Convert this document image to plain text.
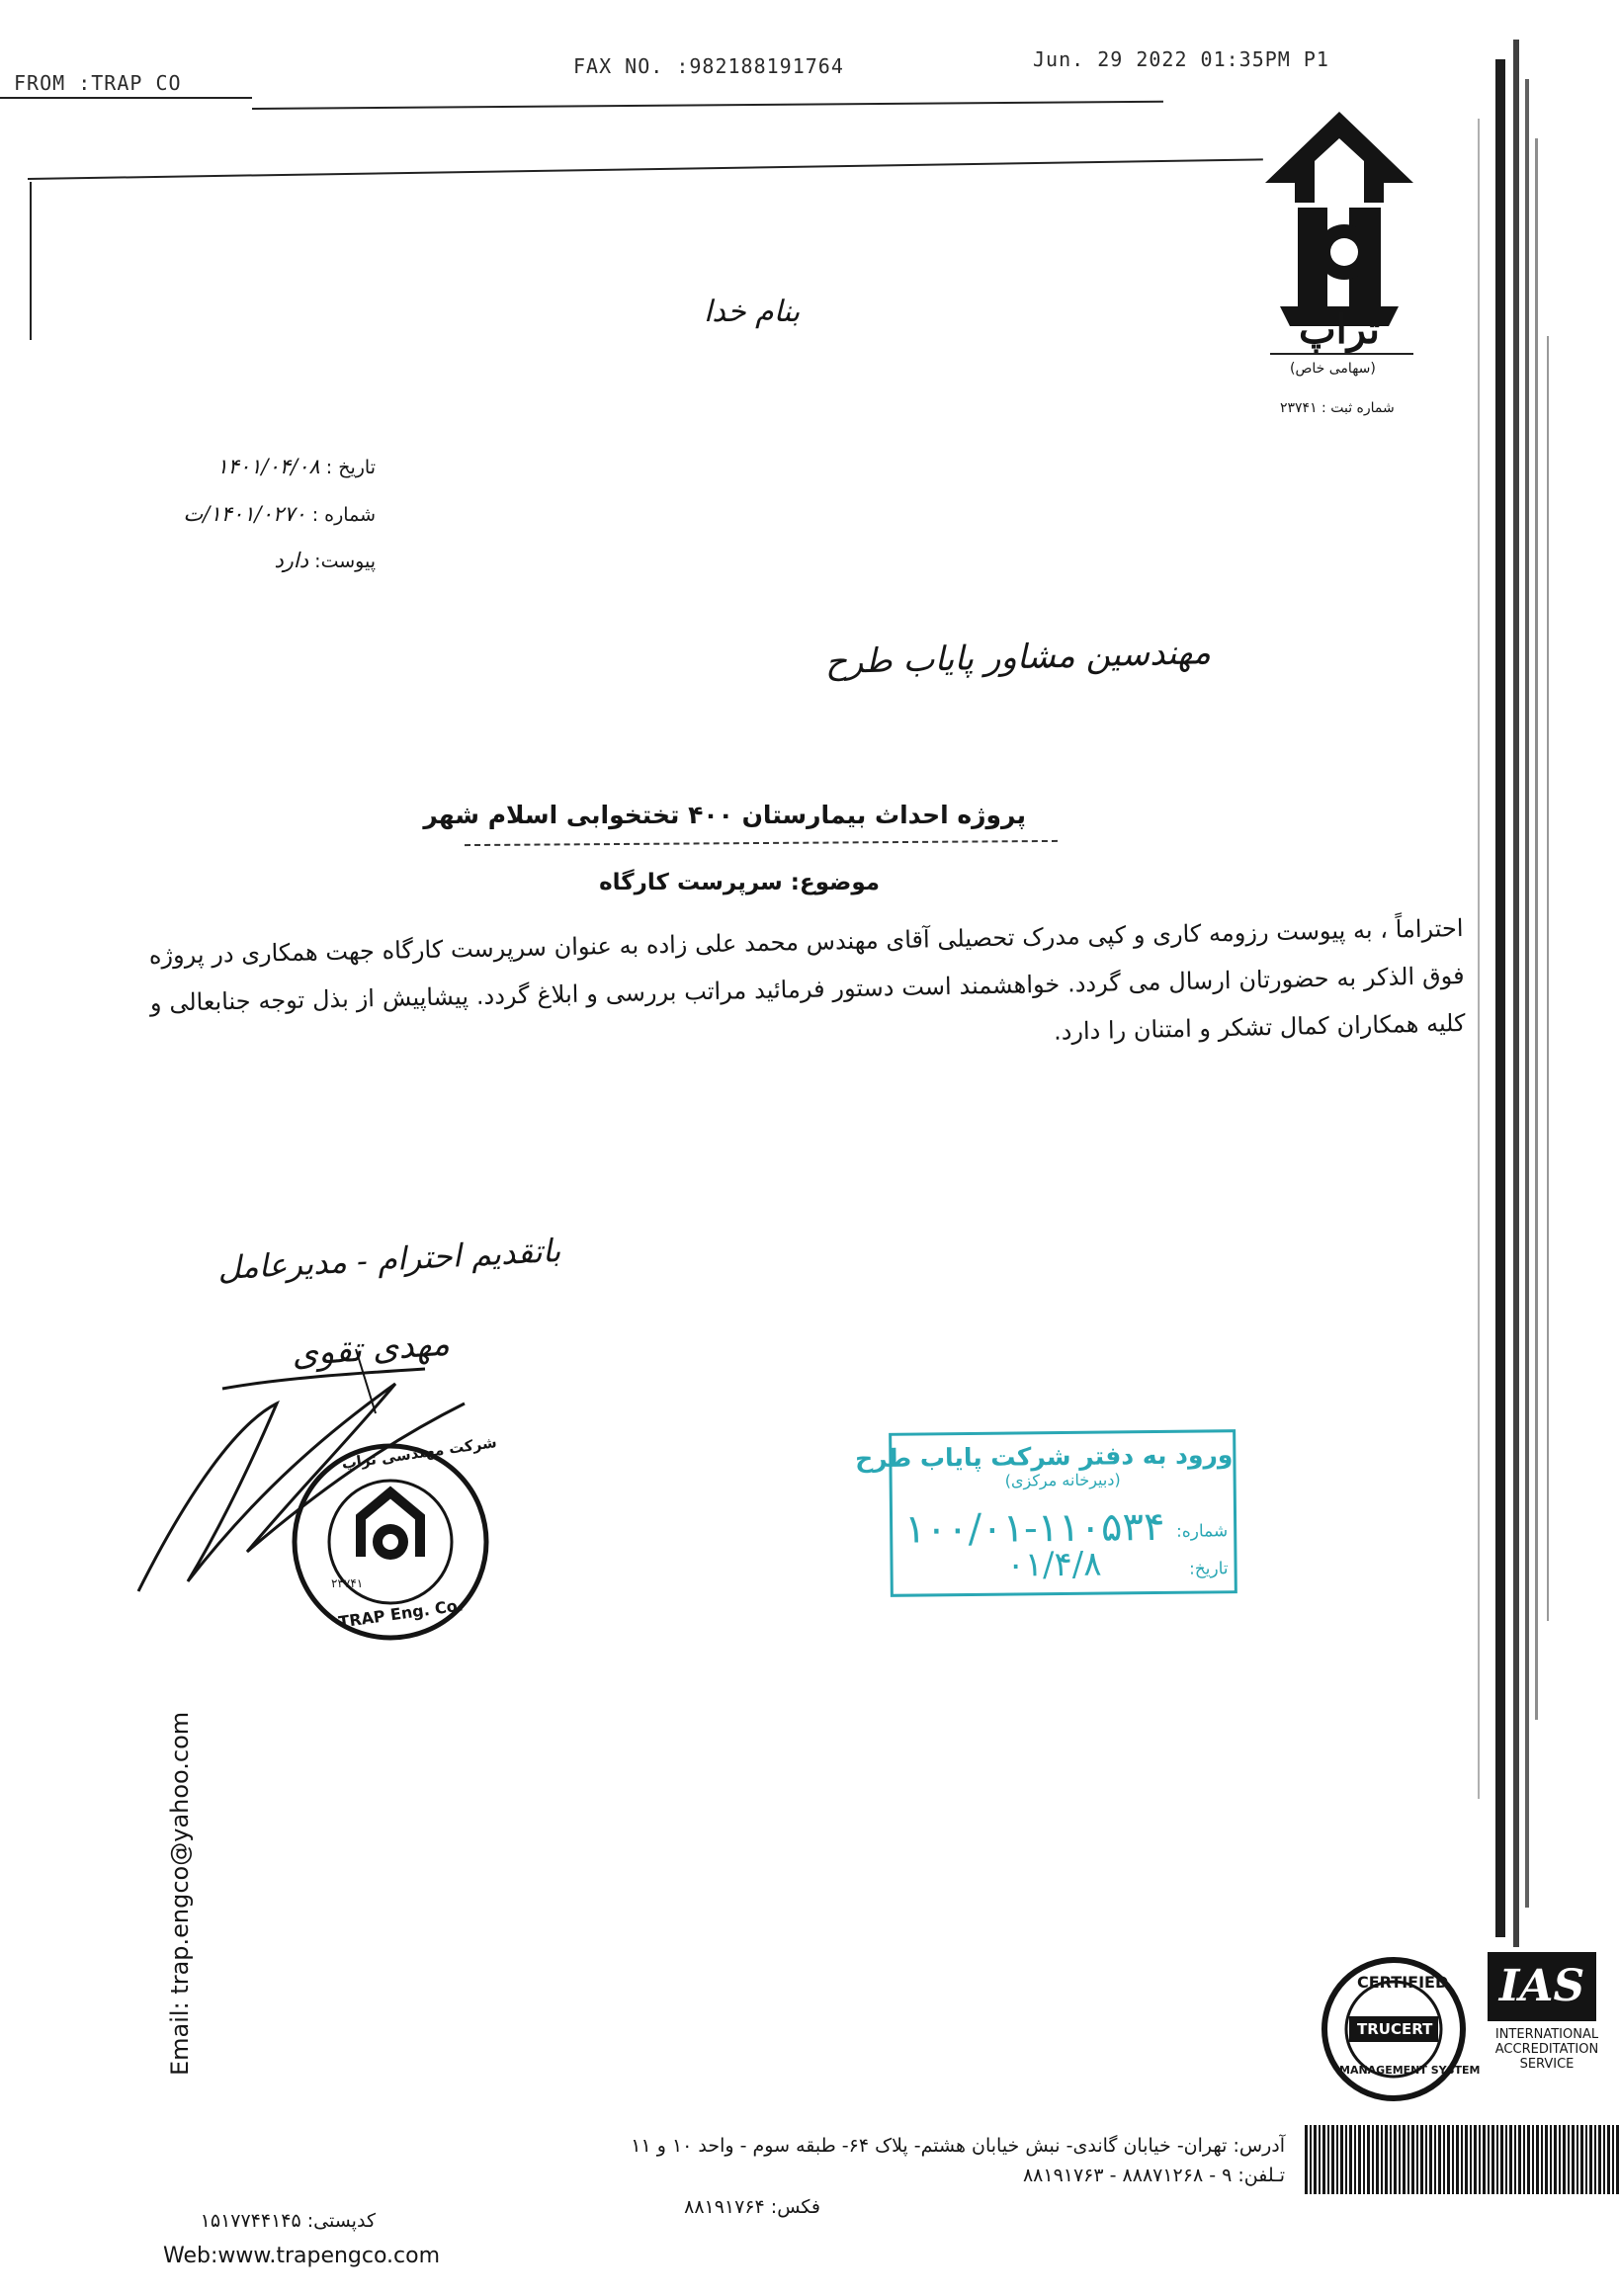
FROM :TRAP CO
FAX NO. :982188191764	Jun. 29 2022 01:35PM P1
تراپ
(سهامی خاص)
شماره ثبت : ۲۳۷۴۱
بنام خدا
تاریخ : ۱۴۰۱/۰۴/۰۸
شماره : ۱۴۰۱/۰۲۷۰/ت
پیوست: دارد
مهندسین مشاور پایاب طرح
پروژه احداث بیمارستان ۴۰۰ تختخوابی اسلام شهر
موضوع: سرپرست کارگاه
احتراماً ، به پیوست رزومه کاری و کپی مدرک تحصیلی آقای مهندس محمد علی زاده به عنوان سرپرست کارگاه جهت همکاری در پروژه فوق الذکر به حضورتان ارسال می گردد. خواهشمند است دستور فرمائید مراتب بررسی و ابلاغ گردد. پیشاپیش از بذل توجه جنابعالی و کلیه همکاران کمال تشکر و امتنان را دارد.
باتقدیم احترام - مدیرعامل
مهدی تقوی
شرکت مهندسی تراپ
TRAP Eng. Co.
۲۳۷۴۱
ورود به دفتر شرکت پایاب طرح
(دبیرخانه مرکزی)
شماره:
۱۰۰/۰۱-۱۱۰۵۳۴
تاریخ:
۰۱/۴/۸
Email: trap.engco@yahoo.com	CERTIFIED
TRUCERT
MANAGEMENT SYSTEM
IAS
INTERNATIONAL
ACCREDITATION
SERVICE
آدرس: تهران- خیابان گاندی- نبش خیابان هشتم- پلاک ۶۴- طبقه سوم - واحد ۱۰ و ۱۱
تـلفن: ۹ - ۸۸۸۷۱۲۶۸ - ۸۸۱۹۱۷۶۳
فکس: ۸۸۱۹۱۷۶۴
کدپستی: ۱۵۱۷۷۴۴۱۴۵
Web:www.trapengco.com
